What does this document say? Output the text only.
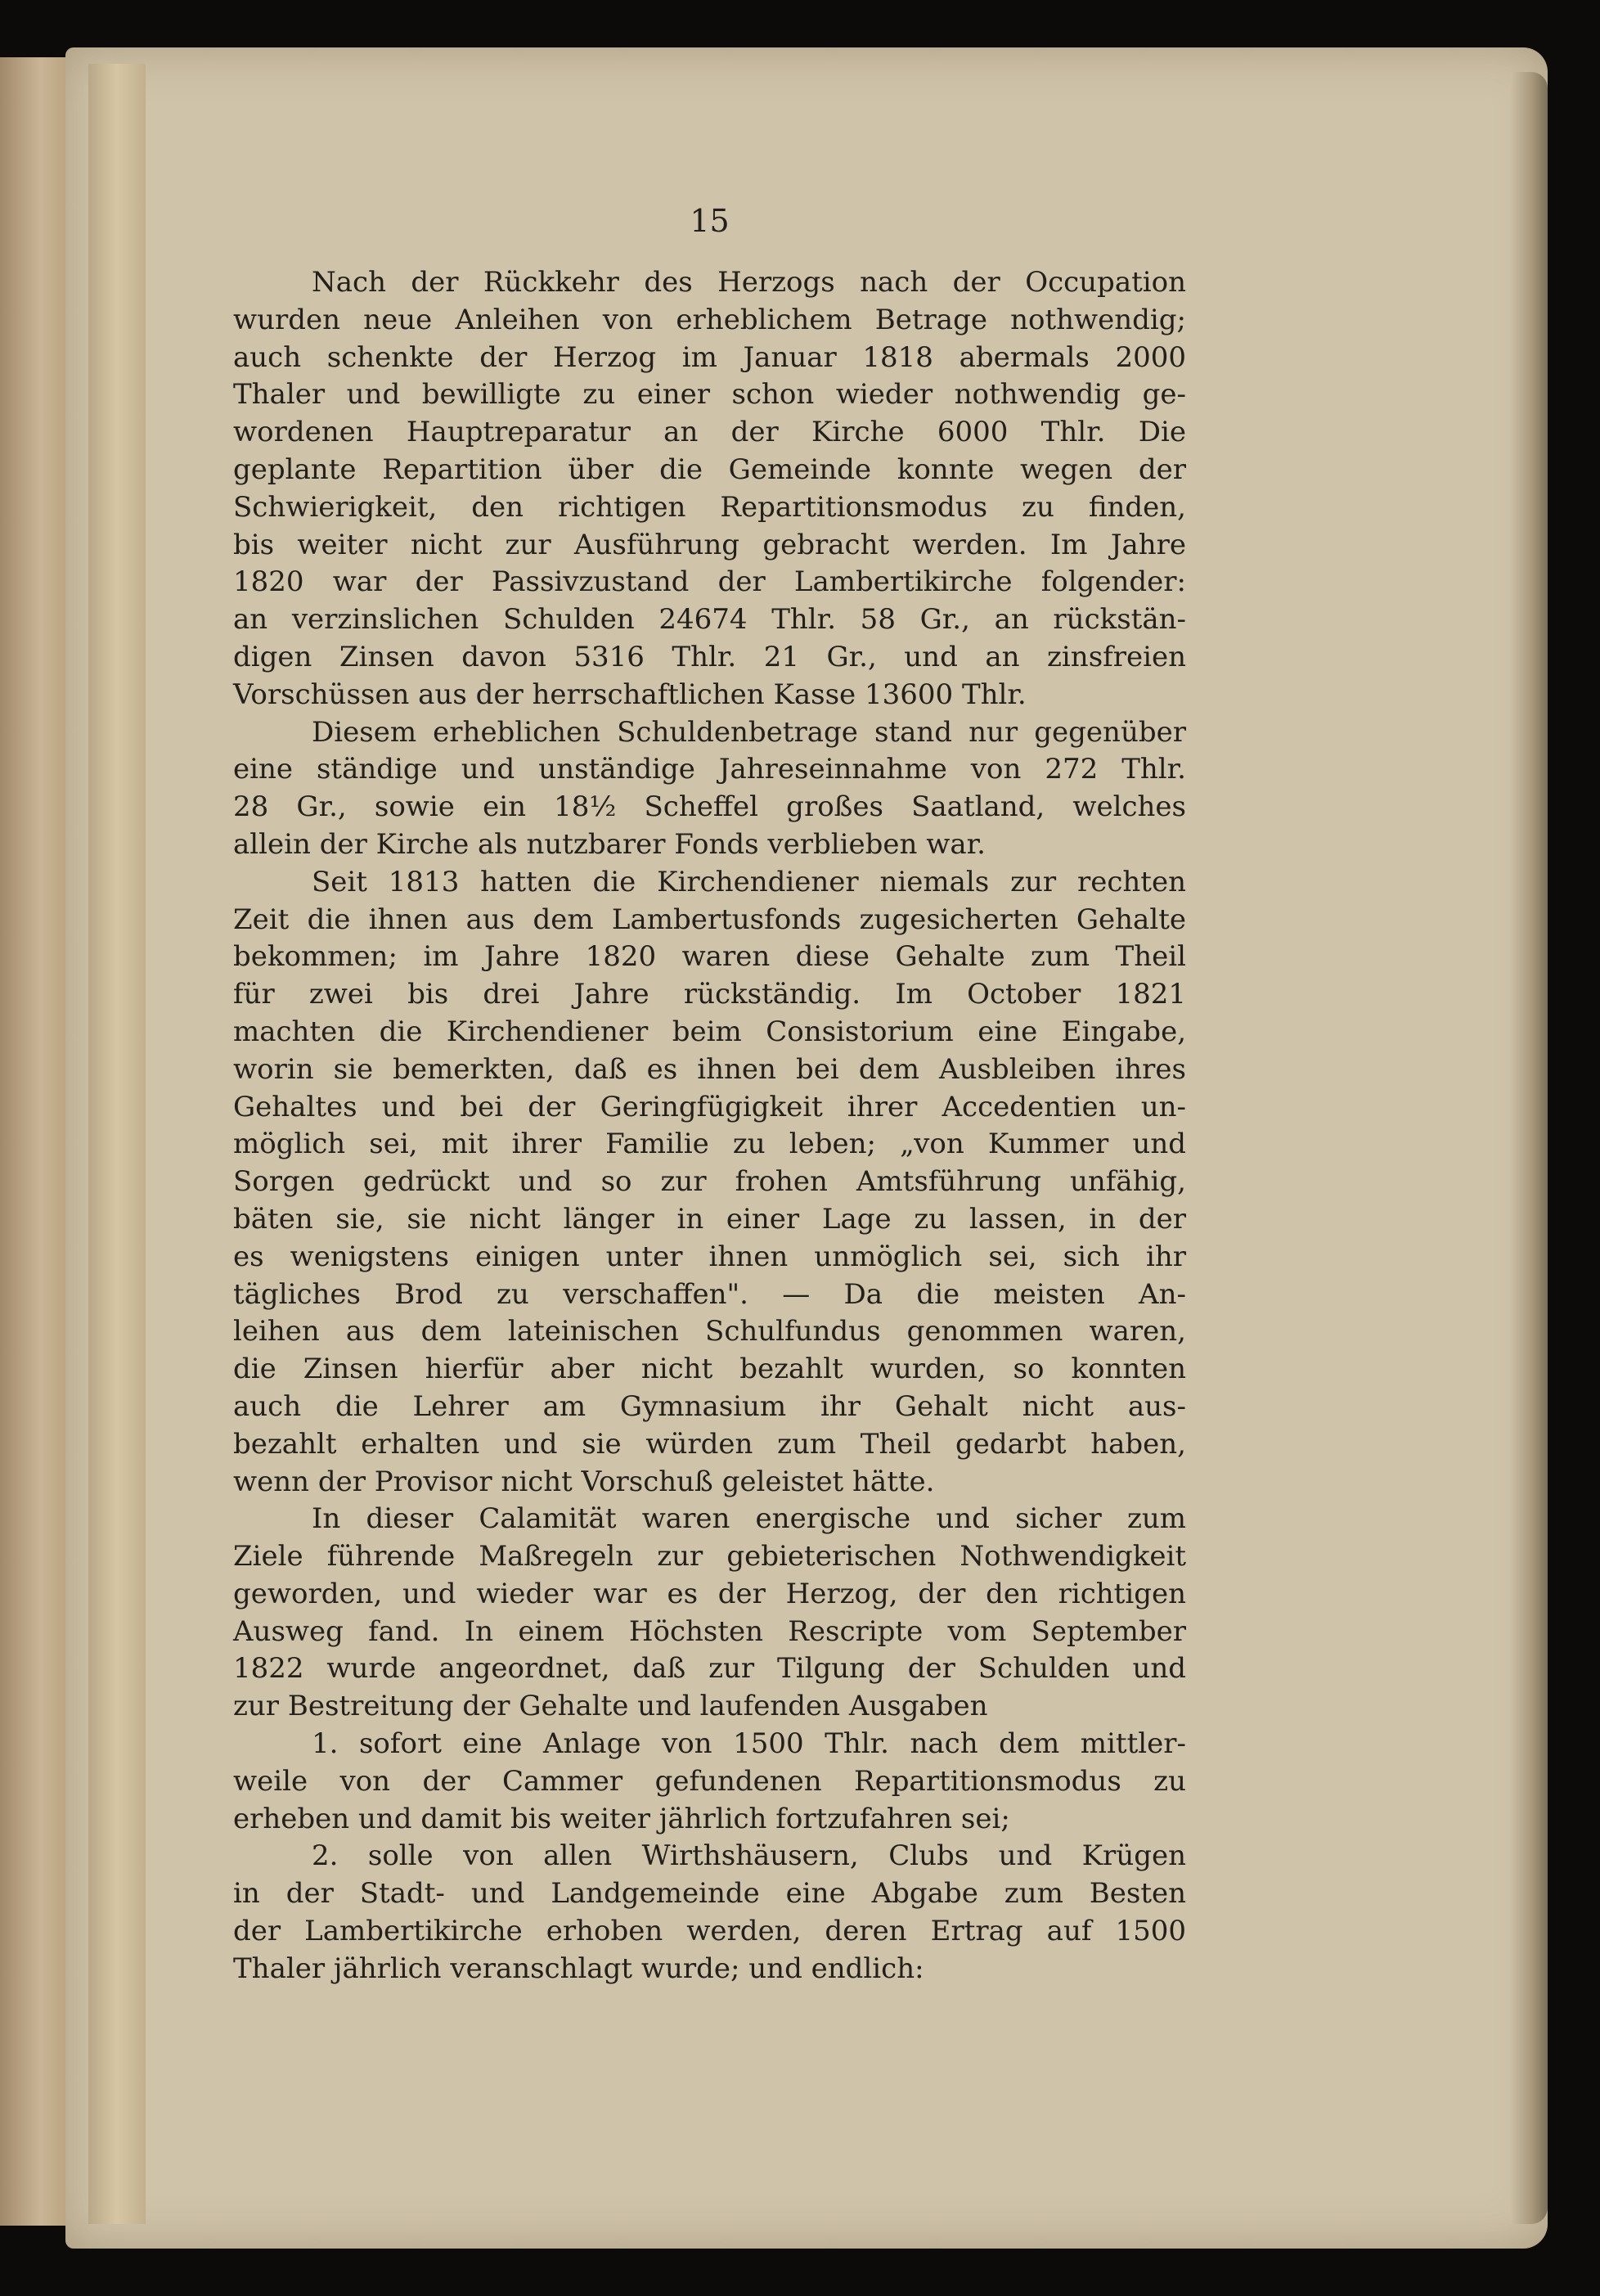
15
Nach der Rückkehr des Herzogs nach der Occupation
wurden neue Anleihen von erheblichem Betrage nothwendig;
auch schenkte der Herzog im Januar 1818 abermals 2000
Thaler und bewilligte zu einer schon wieder nothwendig ge-
wordenen Hauptreparatur an der Kirche 6000 Thlr. Die
geplante Repartition über die Gemeinde konnte wegen der
Schwierigkeit, den richtigen Repartitionsmodus zu finden,
bis weiter nicht zur Ausführung gebracht werden. Im Jahre
1820 war der Passivzustand der Lambertikirche folgender:
an verzinslichen Schulden 24674 Thlr. 58 Gr., an rückstän-
digen Zinsen davon 5316 Thlr. 21 Gr., und an zinsfreien
Vorschüssen aus der herrschaftlichen Kasse 13600 Thlr.
Diesem erheblichen Schuldenbetrage stand nur gegenüber
eine ständige und unständige Jahreseinnahme von 272 Thlr.
28 Gr., sowie ein 18½ Scheffel großes Saatland, welches
allein der Kirche als nutzbarer Fonds verblieben war.
Seit 1813 hatten die Kirchendiener niemals zur rechten
Zeit die ihnen aus dem Lambertusfonds zugesicherten Gehalte
bekommen; im Jahre 1820 waren diese Gehalte zum Theil
für zwei bis drei Jahre rückständig. Im October 1821
machten die Kirchendiener beim Consistorium eine Eingabe,
worin sie bemerkten, daß es ihnen bei dem Ausbleiben ihres
Gehaltes und bei der Geringfügigkeit ihrer Accedentien un-
möglich sei, mit ihrer Familie zu leben; „von Kummer und
Sorgen gedrückt und so zur frohen Amtsführung unfähig,
bäten sie, sie nicht länger in einer Lage zu lassen, in der
es wenigstens einigen unter ihnen unmöglich sei, sich ihr
tägliches Brod zu verschaffen". — Da die meisten An-
leihen aus dem lateinischen Schulfundus genommen waren,
die Zinsen hierfür aber nicht bezahlt wurden, so konnten
auch die Lehrer am Gymnasium ihr Gehalt nicht aus-
bezahlt erhalten und sie würden zum Theil gedarbt haben,
wenn der Provisor nicht Vorschuß geleistet hätte.
In dieser Calamität waren energische und sicher zum
Ziele führende Maßregeln zur gebieterischen Nothwendigkeit
geworden, und wieder war es der Herzog, der den richtigen
Ausweg fand. In einem Höchsten Rescripte vom September
1822 wurde angeordnet, daß zur Tilgung der Schulden und
zur Bestreitung der Gehalte und laufenden Ausgaben
1. sofort eine Anlage von 1500 Thlr. nach dem mittler-
weile von der Cammer gefundenen Repartitionsmodus zu
erheben und damit bis weiter jährlich fortzufahren sei;
2. solle von allen Wirthshäusern, Clubs und Krügen
in der Stadt- und Landgemeinde eine Abgabe zum Besten
der Lambertikirche erhoben werden, deren Ertrag auf 1500
Thaler jährlich veranschlagt wurde; und endlich:
